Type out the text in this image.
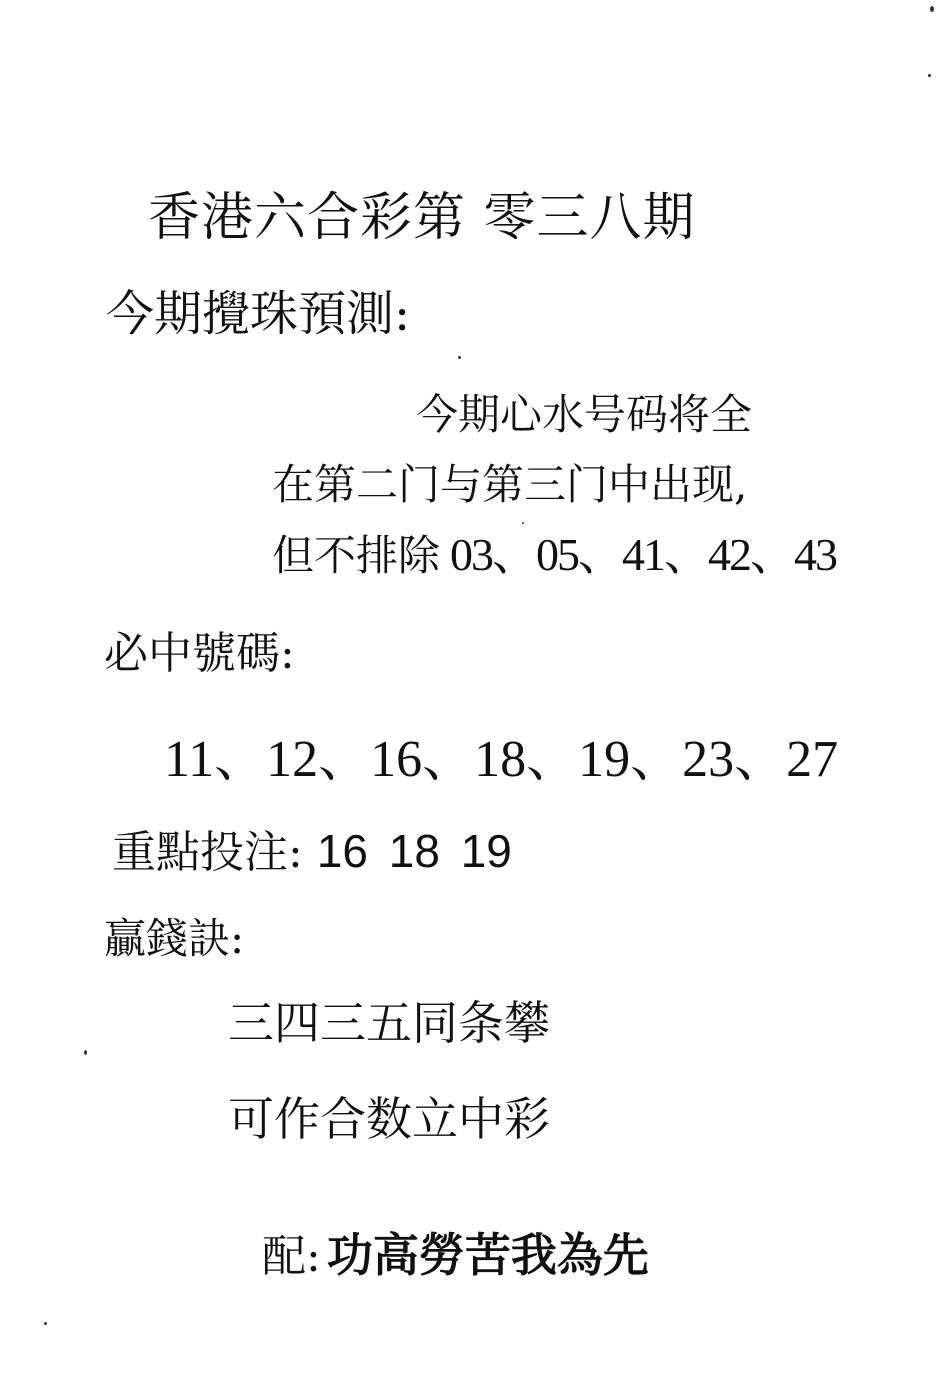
香港六合彩第 零三八期
今期攪珠預測:
今期心水号码将全
在第二门与第三门中出现,
但不排除 03、05、41、42、43
必中號碼:
11、12、16、18、19、23、27
重點投注: 16 18 19
贏錢訣:
三四三五同条攀
可作合数立中彩
配: 功高勞苦我為先
